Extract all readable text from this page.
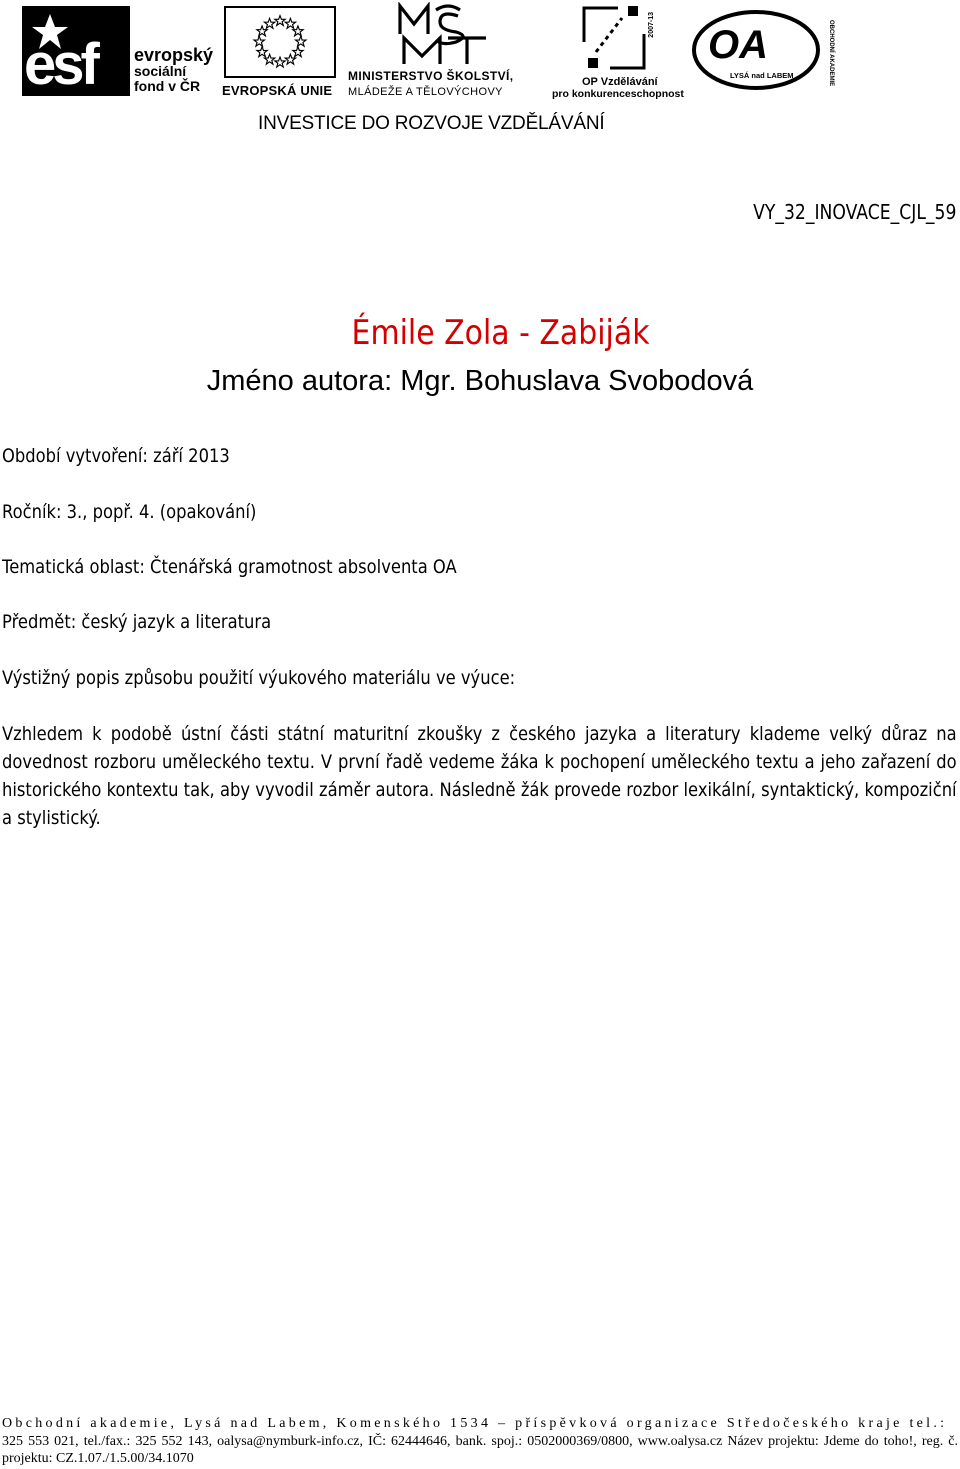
esf evropský
sociální
fond v ČR	EVROPSKÁ UNIE
MINISTERSTVO ŠKOLSTVÍ,
MLÁDEŽE A TĚLOVÝCHOVY
2007-13
OP Vzdělávání
pro konkurenceschopnost
OA
LYSÁ nad LABEM	OBCHODNÍ AKADEMIE
INVESTICE DO ROZVOJE VZDĚLÁVÁNÍ
VY_32_INOVACE_CJL_59
Émile Zola - Zabiják
Jméno autora: Mgr. Bohuslava Svobodová
Období vytvoření: září 2013
Ročník: 3., popř. 4. (opakování)
Tematická oblast: Čtenářská gramotnost absolventa OA
Předmět: český jazyk a literatura
Výstižný popis způsobu použití výukového materiálu ve výuce:
Vzhledem k podobě ústní části státní maturitní zkoušky z českého jazyka a literatury klademe velký důraz na dovednost rozboru uměleckého textu. V první řadě vedeme žáka k pochopení uměleckého textu a jeho zařazení do historického kontextu tak, aby vyvodil záměr autora. Následně žák provede rozbor lexikální, syntaktický, kompoziční a stylistický.
Obchodní akademie, Lysá nad Labem, Komenského 1534 – příspěvková organizace Středočeského kraje tel.:
325 553 021, tel./fax.: 325 552 143, oalysa@nymburk-info.cz, IČ: 62444646, bank. spoj.: 0502000369/0800, www.oalysa.cz Název projektu: Jdeme do toho!, reg. č. projektu: CZ.1.07./1.5.00/34.1070
